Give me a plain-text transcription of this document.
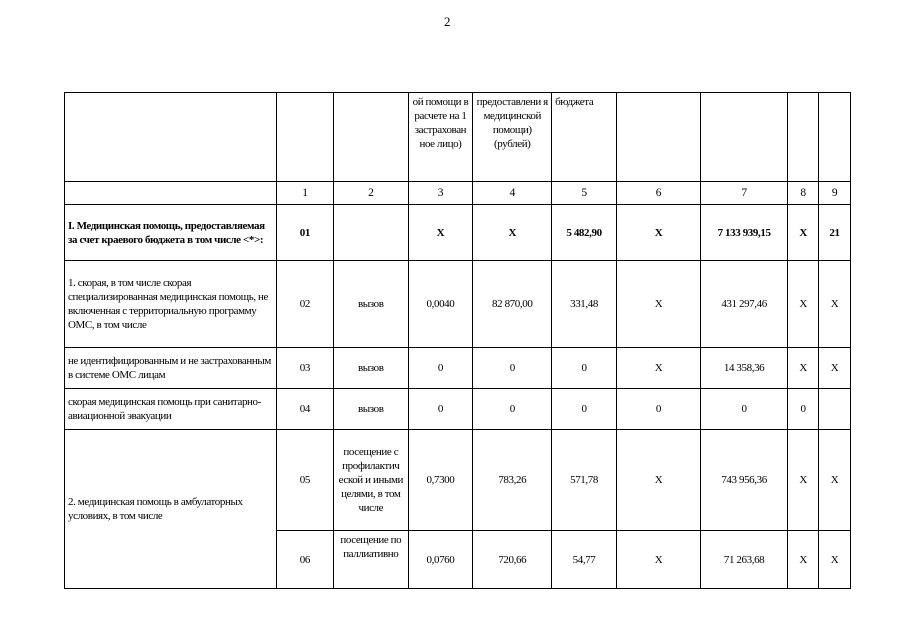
2
			ой помощи в расчете на 1 застрахован ное лицо)	предоставлени я медицинской помощи) (рублей)	бюджета				
	1	2	3	4	5	6	7	8	9
I. Медицинская помощь, предоставляемая за счет краевого бюджета в том числе <*>:	01		X	X	5 482,90	X	7 133 939,15	X	21
1. скорая, в том числе скорая специализированная медицинская помощь, не включенная с территориальную программу ОМС, в том числе	02	вызов	0,0040	82 870,00	331,48	X	431 297,46	X	X
не идентифицированным и не застрахованным в системе ОМС лицам	03	вызов	0	0	0	X	14 358,36	X	X
скорая медицинская помощь при санитарно-авиационной эвакуации	04	вызов	0	0	0	0	0	0	
2. медицинская помощь в амбулаторных условиях, в том числе	05	посещение с профилактич еской и иными целями, в том числе	0,7300	783,26	571,78	X	743 956,36	X	X
	06	посещение по паллиативно	0,0760	720,66	54,77	X	71 263,68	X	X
